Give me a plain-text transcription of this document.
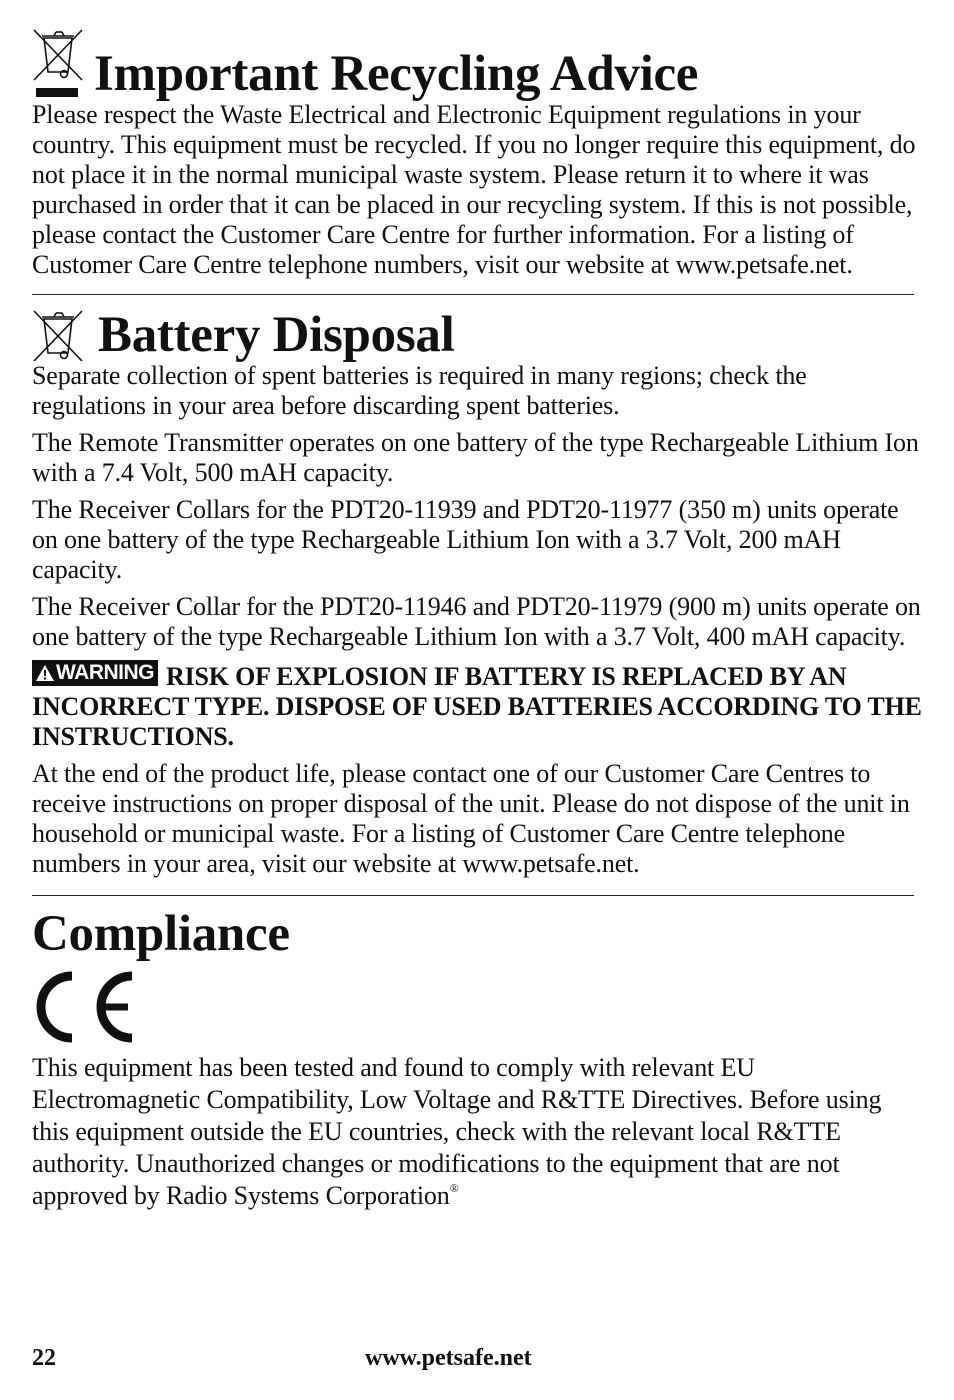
Important Recycling Advice

Please respect the Waste Electrical and Electronic Equipment regulations in your country. This equipment must be recycled. If you no longer require this equipment, do not place it in the normal municipal waste system. Please return it to where it was purchased in order that it can be placed in our recycling system. If this is not possible, please contact the Customer Care Centre for further information. For a listing of Customer Care Centre telephone numbers, visit our website at www.petsafe.net.

Battery Disposal

Separate collection of spent batteries is required in many regions; check the regulations in your area before discarding spent batteries.

The Remote Transmitter operates on one battery of the type Rechargeable Lithium Ion with a 7.4 Volt, 500 mAH capacity.

The Receiver Collars for the PDT20-11939 and PDT20-11977 (350 m) units operate on one battery of the type Rechargeable Lithium Ion with a 3.7 Volt, 200 mAH capacity.

The Receiver Collar for the PDT20-11946 and PDT20-11979 (900 m) units operate on one battery of the type Rechargeable Lithium Ion with a 3.7 Volt, 400 mAH capacity.

WARNING RISK OF EXPLOSION IF BATTERY IS REPLACED BY AN INCORRECT TYPE. DISPOSE OF USED BATTERIES ACCORDING TO THE INSTRUCTIONS.

At the end of the product life, please contact one of our Customer Care Centres to receive instructions on proper disposal of the unit. Please do not dispose of the unit in household or municipal waste. For a listing of Customer Care Centre telephone numbers in your area, visit our website at www.petsafe.net.

Compliance

This equipment has been tested and found to comply with relevant EU Electromagnetic Compatibility, Low Voltage and R&TTE Directives. Before using this equipment outside the EU countries, check with the relevant local R&TTE authority. Unauthorized changes or modifications to the equipment that are not approved by Radio Systems Corporation®

22	www.petsafe.net
